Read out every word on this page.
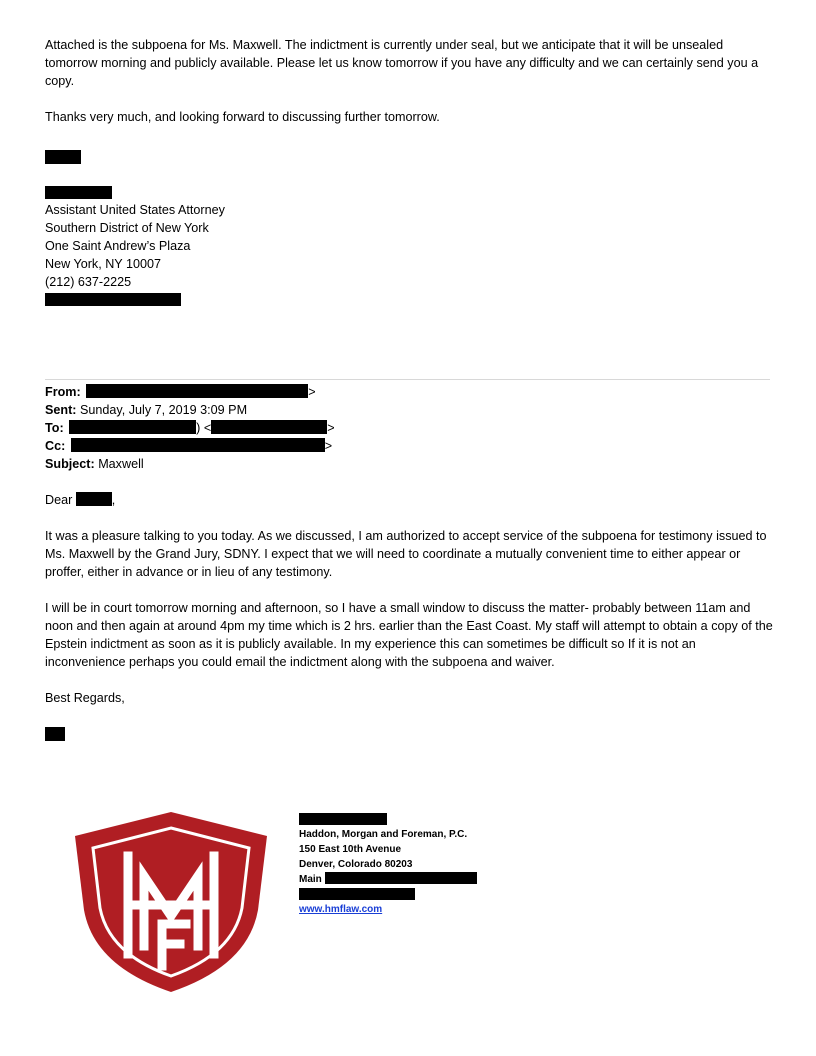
Attached is the subpoena for Ms. Maxwell. The indictment is currently under seal, but we anticipate that it will be unsealed tomorrow morning and publicly available. Please let us know tomorrow if you have any difficulty and we can certainly send you a copy.

Thanks very much, and looking forward to discussing further tomorrow.

Assistant United States Attorney

Southern District of New York

One Saint Andrew’s Plaza

New York, NY 10007

(212) 637-2225

From:	>

Sent: Sunday, July 7, 2019 3:09 PM

To:	) <	>

Cc:	>

Subject: Maxwell

Dear	,

It was a pleasure talking to you today. As we discussed, I am authorized to accept service of the subpoena for testimony issued to Ms. Maxwell by the Grand Jury, SDNY. I expect that we will need to coordinate a mutually convenient time to either appear or proffer, either in advance or in lieu of any testimony.

I will be in court tomorrow morning and afternoon, so I have a small window to discuss the matter- probably between 11am and noon and then again at around 4pm my time which is 2 hrs. earlier than the East Coast. My staff will attempt to obtain a copy of the Epstein indictment as soon as it is publicly available. In my experience this can sometimes be difficult so If it is not an inconvenience perhaps you could email the indictment along with the subpoena and waiver.

Best Regards,

Haddon, Morgan and Foreman, P.C.

150 East 10th Avenue

Denver, Colorado 80203

Main

www.hmflaw.com
